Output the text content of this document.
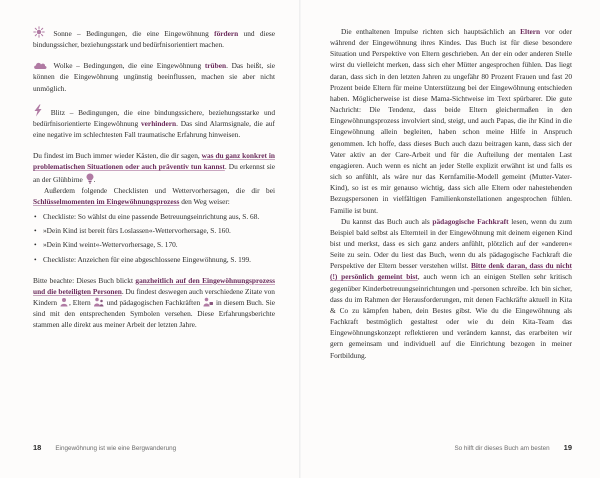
Sonne – Bedingungen, die eine Eingewöhnung fördern und diese bindungssicher, beziehungsstark und bedürfnisorientiert machen.

Wolke – Bedingungen, die eine Eingewöhnung trüben. Das heißt, sie können die Eingewöhnung ungünstig beeinflussen, machen sie aber nicht unmöglich.

Blitz – Bedingungen, die eine bindungssichere, beziehungsstarke und bedürfnisorientierte Eingewöhnung verhindern. Das sind Alarmsignale, die auf eine negative im schlechtesten Fall traumatische Erfahrung hinweisen.

Du findest im Buch immer wieder Kästen, die dir sagen, was du ganz konkret in problematischen Situationen oder auch präventiv tun kannst. Du erkennst sie an der Glühbirne
.

Außerdem folgende Checklisten und Wettervorhersagen, die dir bei Schlüsselmomenten im Eingewöhnungsprozess den Weg weiser:

• Checkliste: So wählst du eine passende Betreuungseinrichtung aus, S. 68.
• »Dein Kind ist bereit fürs Loslassen«-Wettervorhersage, S. 160.
• »Dein Kind weint«-Wettervorhersage, S. 170.
• Checkliste: Anzeichen für eine abgeschlossene Eingewöhnung, S. 199.

Bitte beachte: Dieses Buch blickt ganzheitlich auf den Eingewöhnungsprozess und die beteiligten Personen. Du findest deswegen auch verschiedene Zitate von Kindern
, Eltern
und pädagogischen Fachkräften
in diesem Buch. Sie sind mit den entsprechenden Symbolen versehen. Diese Erfahrungsberichte stammen alle direkt aus meiner Arbeit der letzten Jahre.

18 Eingewöhnung ist wie eine Bergwanderung

Die enthaltenen Impulse richten sich hauptsächlich an Eltern vor oder während der Eingewöhnung ihres Kindes. Das Buch ist für diese besondere Situation und Perspektive von Eltern geschrieben. An der ein oder anderen Stelle wirst du vielleicht merken, dass sich eher Mütter angesprochen fühlen. Das liegt daran, dass sich in den letzten Jahren zu ungefähr 80 Prozent Frauen und fast 20 Prozent beide Eltern für meine Unterstützung bei der Eingewöhnung entschieden haben. Möglicherweise ist diese Mama-Sichtweise im Text spürbarer. Die gute Nachricht: Die Tendenz, dass beide Eltern gleichermaßen in den Eingewöhnungsprozess involviert sind, steigt, und auch Papas, die ihr Kind in die Eingewöhnung allein begleiten, haben schon meine Hilfe in Anspruch genommen. Ich hoffe, dass dieses Buch auch dazu beitragen kann, dass sich der Vater aktiv an der Care-Arbeit und für die Aufteilung der mentalen Last engagieren. Auch wenn es nicht an jeder Stelle explizit erwähnt ist und falls es sich so anfühlt, als wäre nur das Kernfamilie-Modell gemeint (Mutter-Vater-Kind), so ist es mir genauso wichtig, dass sich alle Eltern oder nahestehenden Bezugspersonen in vielfältigen Familienkonstellationen angesprochen fühlen. Familie ist bunt.

Du kannst das Buch auch als pädagogische Fachkraft lesen, wenn du zum Beispiel bald selbst als Elternteil in der Eingewöhnung mit deinem eigenen Kind bist und merkst, dass es sich ganz anders anfühlt, plötzlich auf der »anderen« Seite zu sein. Oder du liest das Buch, wenn du als pädagogische Fachkraft die Perspektive der Eltern besser verstehen willst. Bitte denk daran, dass du nicht (!) persönlich gemeint bist, auch wenn ich an einigen Stellen sehr kritisch gegenüber Kinderbetreuungseinrichtungen und -personen schreibe. Ich bin sicher, dass du im Rahmen der Herausforderungen, mit denen Fachkräfte aktuell in Kita & Co zu kämpfen haben, dein Bestes gibst. Wie du die Eingewöhnung als Fachkraft bestmöglich gestaltest oder wie du dein Kita-Team das Eingewöhnungskonzept reflektieren und verändern kannst, das erarbeiten wir gern gemeinsam und individuell auf die Einrichtung bezogen in meiner Fortbildung.

So hilft dir dieses Buch am besten 19
